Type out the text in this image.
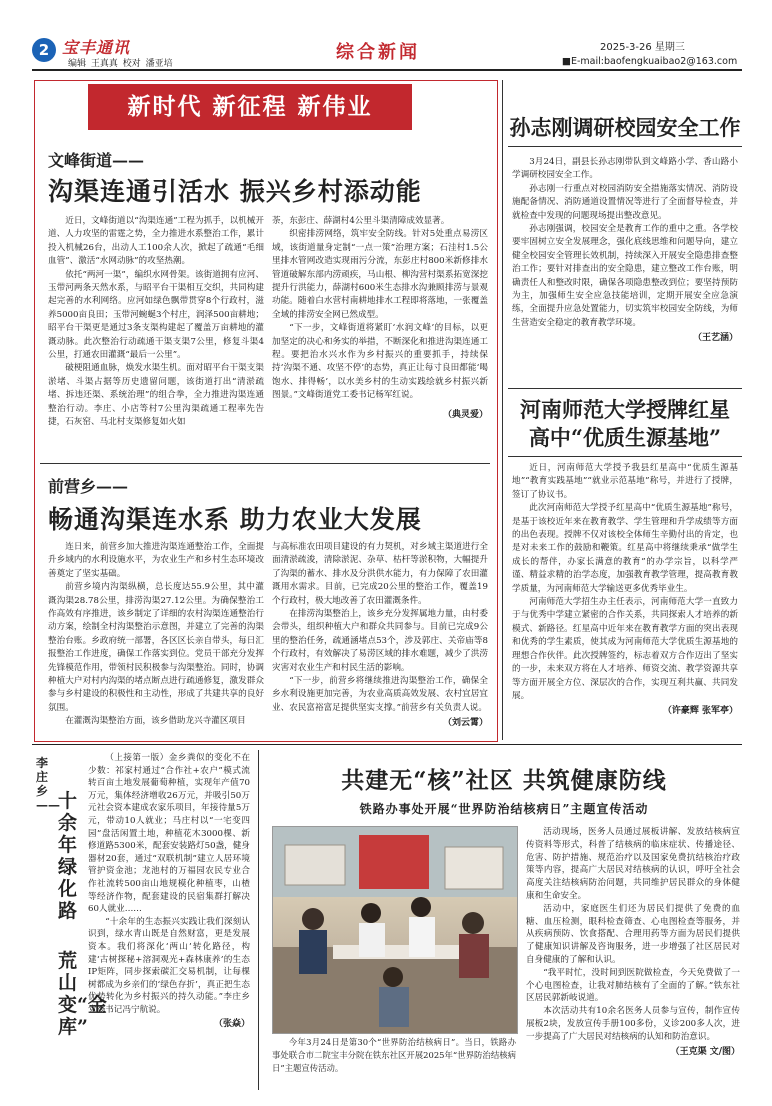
2 宝丰通讯
编辑 王真真 校对 潘亚培
综合新闻	2025-3-26 星期三
■E-mail:baofengkuaibao2@163.com
新时代 新征程 新伟业
文峰街道——
沟渠连通引活水 振兴乡村添动能

近日，文峰街道以“沟渠连通”工程为抓手，以机械开道、人力攻坚的雷霆之势，全力推进水系整治工作，累计投入机械26台，出动人工100余人次，掀起了疏通“毛细血管”、激活“水网动脉”的攻坚热潮。

依托“两河一渠”，编织水网骨架。该街道拥有应河、玉带河两条天然水系，与昭平台干渠相互交织，共同构建起完善的水利网络。应河如绿色飘带贯穿8个行政村，滋养5000亩良田；玉带河蜿蜒3个村庄，润泽500亩耕地；昭平台干渠更是通过3条支渠构建起了覆盖万亩耕地的灌溉动脉。此次整治行动疏通干渠支渠7公里，修复斗渠4公里，打通农田灌溉“最后一公里”。

破梗阻通血脉，焕发水渠生机。面对昭平台干渠支渠淤堵、斗渠占据等历史遗留问题，该街道打出“清淤疏堵、拆违还渠、系统治理”的组合拳，全力推进沟渠连通整治行动。李庄、小店等村7公里沟渠疏通工程率先告捷，石灰窑、马北村支渠修复如火如

荼，东彭庄、薛湖村4公里斗渠清障成效显著。

织密排涝网络，筑牢安全防线。针对5处重点易涝区域，该街道量身定制“一点一策”治理方案；石洼村1.5公里排水管网改造实现雨污分流，东彭庄村800米新修排水管道破解东部内涝顽疾，马山根、柳沟营村渠系拓宽深挖提升行洪能力，薛湖村600米生态排水沟兼顾排涝与景观功能。随着白水营村南耕地排水工程即将落地，一张覆盖全域的排涝安全网已然成型。

“下一步，文峰街道将紧盯‘水润文峰’的目标，以更加坚定的决心和务实的举措，不断深化和推进沟渠连通工程。要把治水兴水作为乡村振兴的重要抓手，持续保持‘沟渠不通、攻坚不停’的态势，真正让每寸良田都能‘喝饱水、排得畅’，以水美乡村的生动实践绘就乡村振兴新图景。”文峰街道党工委书记杨军红说。

（典灵爱）
前营乡——
畅通沟渠连水系 助力农业大发展

连日来，前营乡加大推进沟渠连通整治工作，全面提升乡域内的水利设施水平，为农业生产和乡村生态环境改善奠定了坚实基础。

前营乡境内沟渠纵横，总长度达55.9公里，其中灌溉沟渠28.78公里，排涝沟渠27.12公里。为确保整治工作高效有序推进，该乡制定了详细的农村沟渠连通整治行动方案，绘制全村沟渠整治示意图，并建立了完善的沟渠整治台账。乡政府统一部署，各区区长亲自带头，每日汇报整治工作进度，确保工作落实到位。党员干部充分发挥先锋模范作用，带领村民积极参与沟渠整治。同时，协调种植大户对村内沟渠的堵点断点进行疏通修复，激发群众参与乡村建设的积极性和主动性，形成了共建共享的良好氛围。

在灌溉沟渠整治方面，该乡借助龙兴寺灌区项目

与高标准农田项目建设的有力契机，对乡域主渠道进行全面清淤疏浚，清除淤泥、杂草、枯杆等淤积物，大幅提升了沟渠的蓄水、排水及分洪供水能力，有力保障了农田灌溉用水需求。目前，已完成20公里的整治工作，覆盖19个行政村，极大地改善了农田灌溉条件。

在排涝沟渠整治上，该乡充分发挥属地力量，由村委会带头，组织种植大户和群众共同参与。目前已完成9公里的整治任务，疏通涵堵点53个，涉及郭庄、关帝庙等8个行政村，有效解决了易涝区域的排水难题，减少了洪涝灾害对农业生产和村民生活的影响。

“下一步，前营乡将继续推进沟渠整治工作，确保全乡水利设施更加完善，为农业高质高效发展、农村宜居宜业、农民富裕富足提供坚实支撑。”前营乡有关负责人说。

（刘云霄）
孙志刚调研校园安全工作

3月24日，副县长孙志刚带队到文峰路小学、香山路小学调研校园安全工作。

孙志刚一行重点对校园消防安全措施落实情况、消防设施配备情况、消防通道设置情况等进行了全面督导检查，并就检查中发现的问题现场提出整改意见。

孙志刚强调，校园安全是教育工作的重中之重。各学校要牢固树立安全发展理念，强化底线思维和问题导向，建立健全校园安全管理长效机制，持续深入开展安全隐患排查整治工作；要针对排查出的安全隐患，建立整改工作台账，明确责任人和整改时限，确保各项隐患整改到位；要坚持预防为主，加强师生安全应急技能培训，定期开展安全应急演练，全面提升应急处置能力，切实筑牢校园安全防线，为师生营造安全稳定的教育教学环境。

（王艺涵）
河南师范大学授牌红星
高中“优质生源基地”

近日，河南师范大学授予我县红星高中“优质生源基地”“教育实践基地”“就业示范基地”称号，并进行了授牌，签订了协议书。

此次河南师范大学授予红星高中“优质生源基地”称号，是基于该校近年来在教育教学、学生管理和升学成绩等方面的出色表现。授牌不仅对该校全体师生辛勤付出的肯定，也是对未来工作的鼓励和鞭策。红星高中将继续秉承“做学生成长的帮伴，办家长满意的教育”的办学宗旨，以科学严谨、精益求精的治学态度，加强教育教学管理，提高教育教学质量，为河南师范大学输送更多优秀毕业生。

河南师范大学招生办主任表示，河南师范大学一直致力于与优秀中学建立紧密的合作关系，共同探索人才培养的新模式、新路径。红星高中近年来在教育教学方面的突出表现和优秀的学生素质，使其成为河南师范大学优质生源基地的理想合作伙伴。此次授牌签约，标志着双方合作迈出了坚实的一步，未来双方将在人才培养、师资交流、教学资源共享等方面开展全方位、深层次的合作，实现互利共赢、共同发展。

（许豪辉 张军亭）
李庄乡——
十余年绿化路
荒山变“金库”

（上接第一版）金乡粪似的变化不在少数：祁家村通过“合作社+农户”模式流转百亩土地发展葡萄种植，实现年产值70万元，集体经济增收26万元，并吸引50万元社会资本建成农家乐项目，年接待量5万元，带动10人就业；马庄村以“一宅变四园”盘活闲置土地，种植花木3000棵、新修道路5300米，配套安装路灯50盏，健身器材20套，通过“双联机制”建立人居环境管护资金池；龙池村的万福园农民专业合作社流转500亩山地规模化种植枣，山楂等经济作物，配套建设的民宿集群打解决60人就业……

“十余年的生态振兴实践让我们深刻认识到，绿水青山既是自然财富，更是发展资本。我们将深化‘两山’转化路径，构建‘古树探秘+溶洞观光+森林康养’的生态IP矩阵，同步探索碳汇交易机制，让每棵树都成为乡亲们的‘绿色存折’，真正把生态优势转化为乡村振兴的持久动能。”李庄乡党委书记冯宁航说。

（张焱）
共建无“核”社区 共筑健康防线
铁路办事处开展“世界防治结核病日”主题宣传活动

今年3月24日是第30个“世界防治结核病日”。当日，铁路办事处联合市二院宝丰分院在铁东社区开展2025年“世界防治结核病日”主题宣传活动。

活动现场，医务人员通过展板讲解、发放结核病宣传资料等形式，科普了结核病的临床症状、传播途径、危害、防护措施、规范治疗以及国家免费抗结核治疗政策等内容，提高广大居民对结核病的认识，呼吁全社会高度关注结核病防治问题，共同维护居民群众的身体健康和生命安全。

活动中，家庭医生们还为居民们提供了免费的血糖、血压检测，眼科检查筛查、心电图检查等服务，并从疾病预防、饮食搭配、合理用药等方面为居民们提供了健康知识讲解及咨询服务，进一步增强了社区居民对自身健康的了解和认识。

“我平时忙，没时间到医院做检查，今天免费做了一个心电图检查，让我对肺结核有了全面的了解。”铁东社区居民郭新岐说道。

本次活动共有10余名医务人员参与宣传，制作宣传展板2块，发放宣传手册100多份，义诊200多人次，进一步提高了广大居民对结核病的认知和防治意识。

（王克渠 文/图）
